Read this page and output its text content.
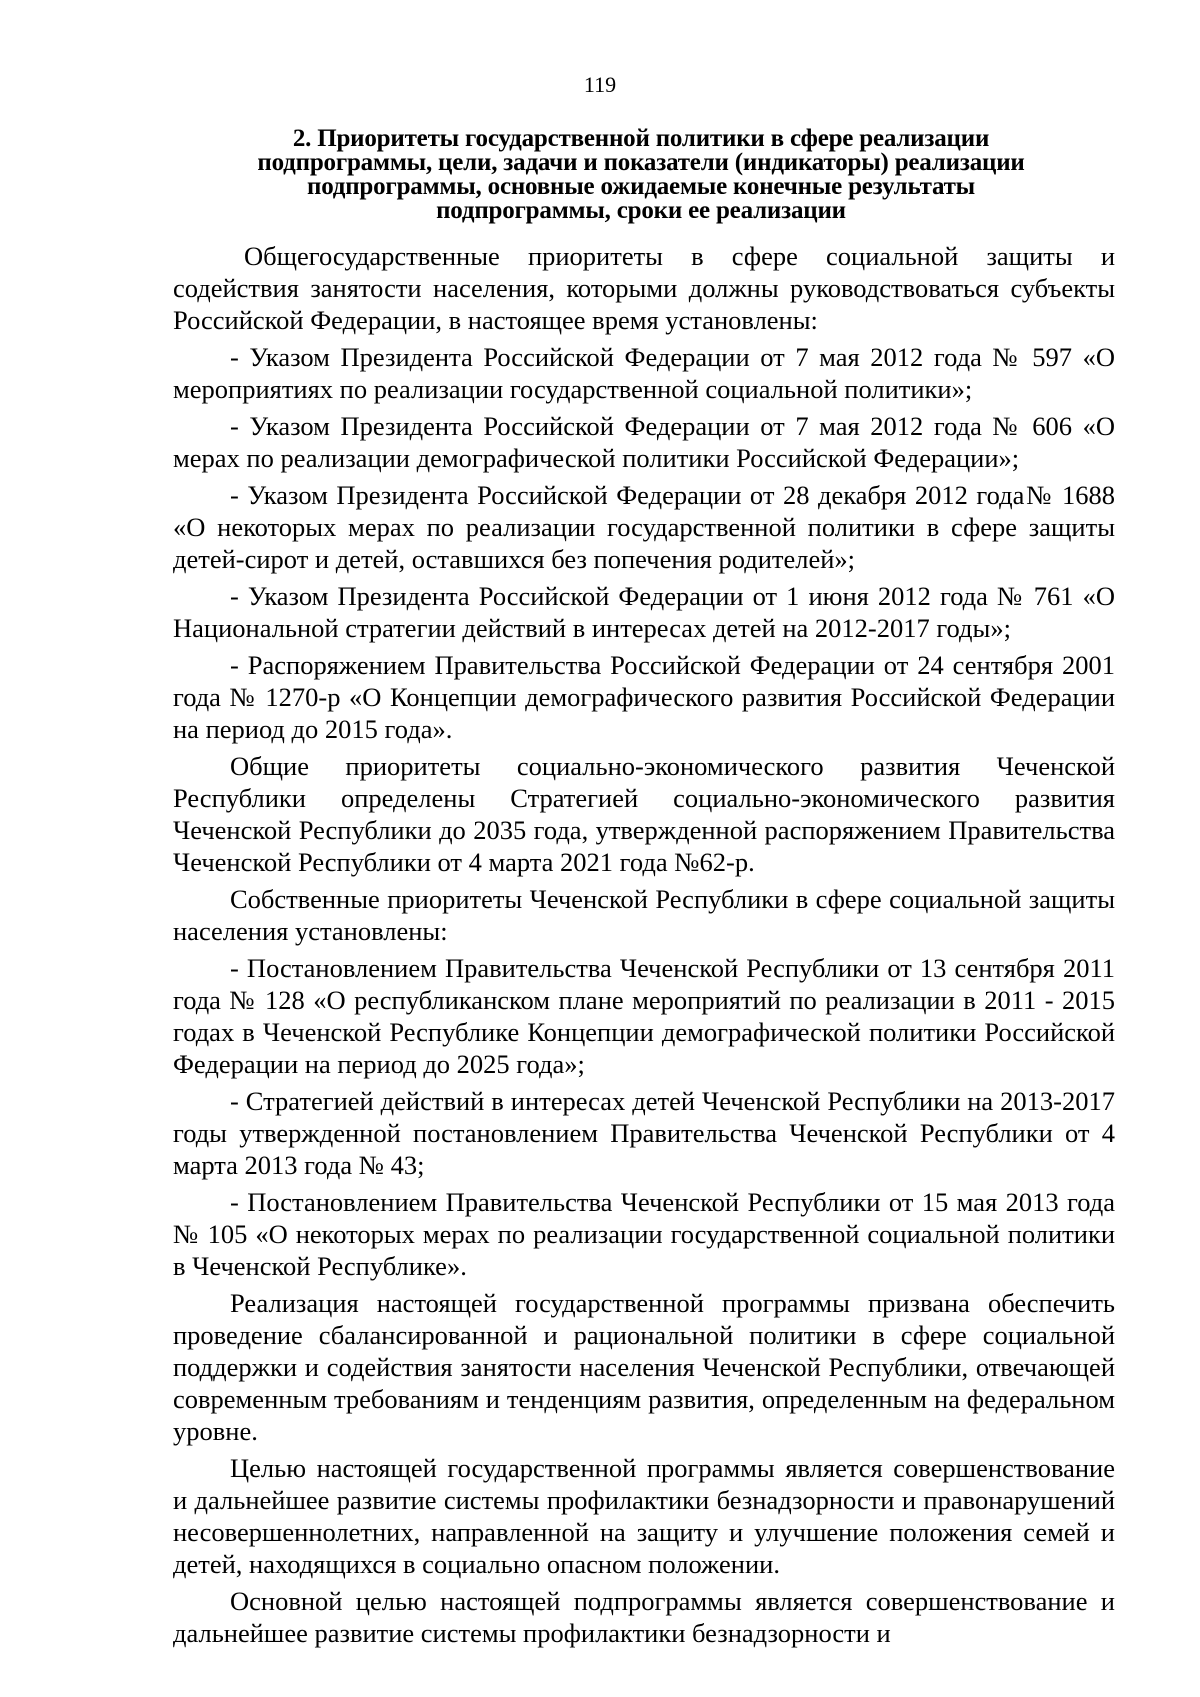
119
2. Приоритеты государственной политики в сфере реализации
подпрограммы, цели, задачи и показатели (индикаторы) реализации
подпрограммы, основные ожидаемые конечные результаты
подпрограммы, сроки ее реализации

Общегосударственные приоритеты в сфере социальной защиты и содействия занятости населения, которыми должны руководствоваться субъекты Российской Федерации, в настоящее время установлены:

- Указом Президента Российской Федерации от 7 мая 2012 года № 597 «О мероприятиях по реализации государственной социальной политики»;

- Указом Президента Российской Федерации от 7 мая 2012 года № 606 «О мерах по реализации демографической политики Российской Федерации»;

- Указом Президента Российской Федерации от 28 декабря 2012 года№ 1688 «О некоторых мерах по реализации государственной политики в сфере защиты детей-сирот и детей, оставшихся без попечения родителей»;

- Указом Президента Российской Федерации от 1 июня 2012 года № 761 «О Национальной стратегии действий в интересах детей на 2012-2017 годы»;

- Распоряжением Правительства Российской Федерации от 24 сентября 2001 года № 1270-р «О Концепции демографического развития Российской Федерации на период до 2015 года».

Общие приоритеты социально-экономического развития Чеченской Республики определены Стратегией социально-экономического развития Чеченской Республики до 2035 года, утвержденной распоряжением Правительства Чеченской Республики от 4 марта 2021 года №62-р.

Собственные приоритеты Чеченской Республики в сфере социальной защиты населения установлены:

- Постановлением Правительства Чеченской Республики от 13 сентября 2011 года № 128 «О республиканском плане мероприятий по реализации в 2011 - 2015 годах в Чеченской Республике Концепции демографической политики Российской Федерации на период до 2025 года»;

- Стратегией действий в интересах детей Чеченской Республики на 2013-2017 годы утвержденной постановлением Правительства Чеченской Республики от 4 марта 2013 года № 43;

- Постановлением Правительства Чеченской Республики от 15 мая 2013 года № 105 «О некоторых мерах по реализации государственной социальной политики в Чеченской Республике».

Реализация настоящей государственной программы призвана обеспечить проведение сбалансированной и рациональной политики в сфере социальной поддержки и содействия занятости населения Чеченской Республики, отвечающей современным требованиям и тенденциям развития, определенным на федеральном уровне.

Целью настоящей государственной программы является совершенствование и дальнейшее развитие системы профилактики безнадзорности и правонарушений несовершеннолетних, направленной на защиту и улучшение положения семей и детей, находящихся в социально опасном положении.

Основной целью настоящей подпрограммы является совершенствование и дальнейшее развитие системы профилактики безнадзорности и
